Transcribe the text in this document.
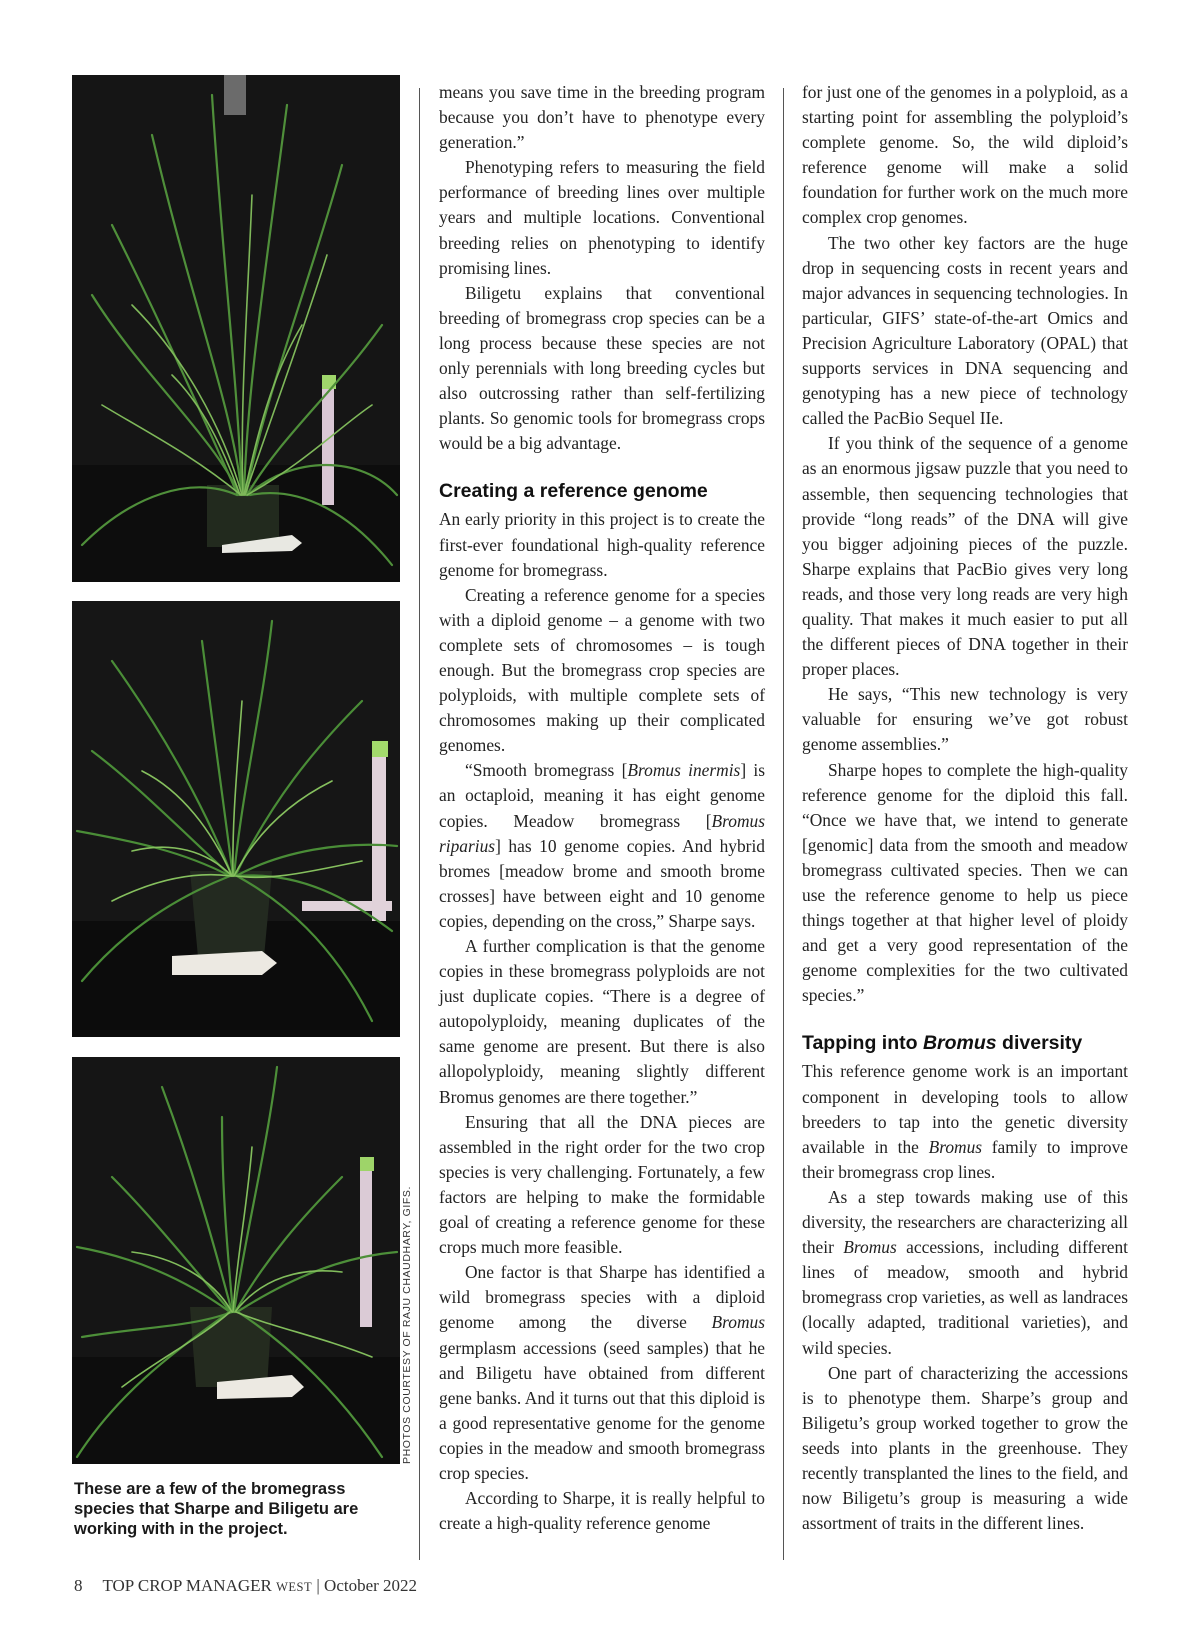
PHOTOS COURTESY OF RAJU CHAUDHARY, GIFS.

These are a few of the bromegrass species that Sharpe and Biligetu are working with in the project.

means you save time in the breeding program because you don’t have to phenotype every generation.”

Phenotyping refers to measuring the field performance of breeding lines over multiple years and multiple locations. Conventional breeding relies on phenotyping to identify promising lines.

Biligetu explains that conventional breeding of bromegrass crop species can be a long process because these species are not only perennials with long breeding cycles but also outcrossing rather than self-fertilizing plants. So genomic tools for bromegrass crops would be a big advantage.

Creating a reference genome

An early priority in this project is to create the first-ever foundational high-quality reference genome for bromegrass.

Creating a reference genome for a species with a diploid genome – a genome with two complete sets of chromosomes – is tough enough. But the bromegrass crop species are polyploids, with multiple complete sets of chromosomes making up their complicated genomes.

“Smooth bromegrass [Bromus inermis] is an octaploid, meaning it has eight genome copies. Meadow bromegrass [Bromus riparius] has 10 genome copies. And hybrid bromes [meadow brome and smooth brome crosses] have between eight and 10 genome copies, depending on the cross,” Sharpe says.

A further complication is that the genome copies in these bromegrass polyploids are not just duplicate copies. “There is a degree of autopolyploidy, meaning duplicates of the same genome are present. But there is also allopolyploidy, meaning slightly different Bromus genomes are there together.”

Ensuring that all the DNA pieces are assembled in the right order for the two crop species is very challenging. Fortunately, a few factors are helping to make the formidable goal of creating a reference genome for these crops much more feasible.

One factor is that Sharpe has identified a wild bromegrass species with a diploid genome among the diverse Bromus germplasm accessions (seed samples) that he and Biligetu have obtained from different gene banks. And it turns out that this diploid is a good representative genome for the genome copies in the meadow and smooth bromegrass crop species.

According to Sharpe, it is really helpful to create a high-quality reference genome

for just one of the genomes in a polyploid, as a starting point for assembling the polyploid’s complete genome. So, the wild diploid’s reference genome will make a solid foundation for further work on the much more complex crop genomes.

The two other key factors are the huge drop in sequencing costs in recent years and major advances in sequencing technologies. In particular, GIFS’ state-of-the-art Omics and Precision Agriculture Laboratory (OPAL) that supports services in DNA sequencing and genotyping has a new piece of technology called the PacBio Sequel IIe.

If you think of the sequence of a genome as an enormous jigsaw puzzle that you need to assemble, then sequencing technologies that provide “long reads” of the DNA will give you bigger adjoining pieces of the puzzle. Sharpe explains that PacBio gives very long reads, and those very long reads are very high quality. That makes it much easier to put all the different pieces of DNA together in their proper places.

He says, “This new technology is very valuable for ensuring we’ve got robust genome assemblies.”

Sharpe hopes to complete the high-quality reference genome for the diploid this fall. “Once we have that, we intend to generate [genomic] data from the smooth and meadow bromegrass cultivated species. Then we can use the reference genome to help us piece things together at that higher level of ploidy and get a very good representation of the genome complexities for the two cultivated species.”

Tapping into Bromus diversity

This reference genome work is an important component in developing tools to allow breeders to tap into the genetic diversity available in the Bromus family to improve their bromegrass crop lines.

As a step towards making use of this diversity, the researchers are characterizing all their Bromus accessions, including different lines of meadow, smooth and hybrid bromegrass crop varieties, as well as landraces (locally adapted, traditional varieties), and wild species.

One part of characterizing the accessions is to phenotype them. Sharpe’s group and Biligetu’s group worked together to grow the seeds into plants in the greenhouse. They recently transplanted the lines to the field, and now Biligetu’s group is measuring a wide assortment of traits in the different lines.

8 TOP CROP MANAGER WEST | October 2022
